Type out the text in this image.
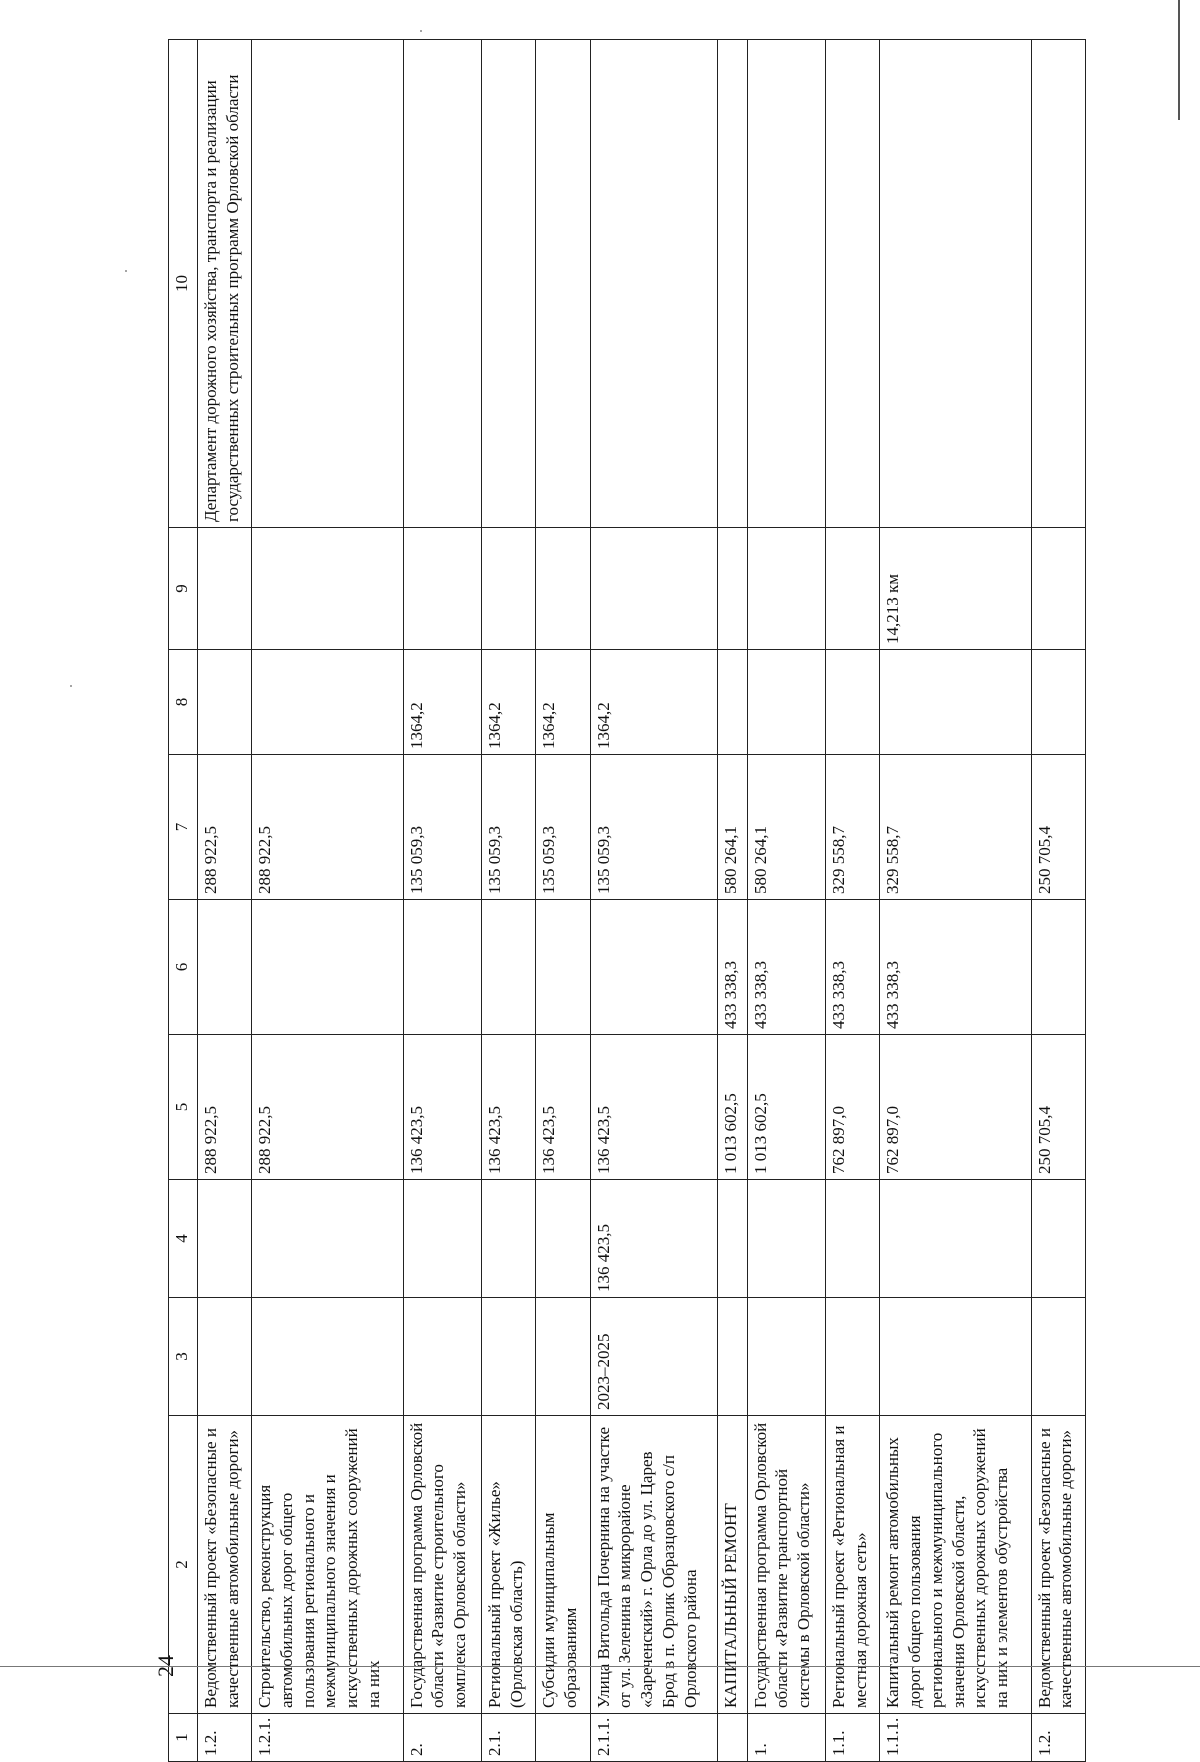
24
1	2	3	4	5	6	7	8	9	10
1.2.	Ведомственный проект «Безопасные и качественные автомобильные дороги»			288 922,5		288 922,5			Департамент дорожного хозяйства, транспорта и реализации государственных строительных программ Орловской области
1.2.1.	Строительство, реконструкция автомобильных дорог общего пользования регионального и межмуниципального значения и искусственных дорожных сооружений на них			288 922,5		288 922,5			
2.	Государственная программа Орловской области «Развитие строительного комплекса Орловской области»			136 423,5		135 059,3	1364,2		
2.1.	Региональный проект «Жилье» (Орловская область)			136 423,5		135 059,3	1364,2		
	Субсидии муниципальным образованиям			136 423,5		135 059,3	1364,2		
2.1.1.	Улица Витольда Почернина на участке от ул. Зеленина в микрорайоне «Зареченский» г. Орла до ул. Царев Брод в п. Орлик Образцовского с/п Орловского района	2023–2025	136 423,5	136 423,5		135 059,3	1364,2		
	КАПИТАЛЬНЫЙ РЕМОНТ			1 013 602,5	433 338,3	580 264,1			
1.	Государственная программа Орловской области «Развитие транспортной системы в Орловской области»			1 013 602,5	433 338,3	580 264,1			
1.1.	Региональный проект «Региональная и местная дорожная сеть»			762 897,0	433 338,3	329 558,7			
1.1.1.	Капитальный ремонт автомобильных дорог общего пользования регионального и межмуниципального значения Орловской области, искусственных дорожных сооружений на них и элементов обустройства			762 897,0	433 338,3	329 558,7		14,213 км	
1.2.	Ведомственный проект «Безопасные и качественные автомобильные дороги»			250 705,4		250 705,4			
